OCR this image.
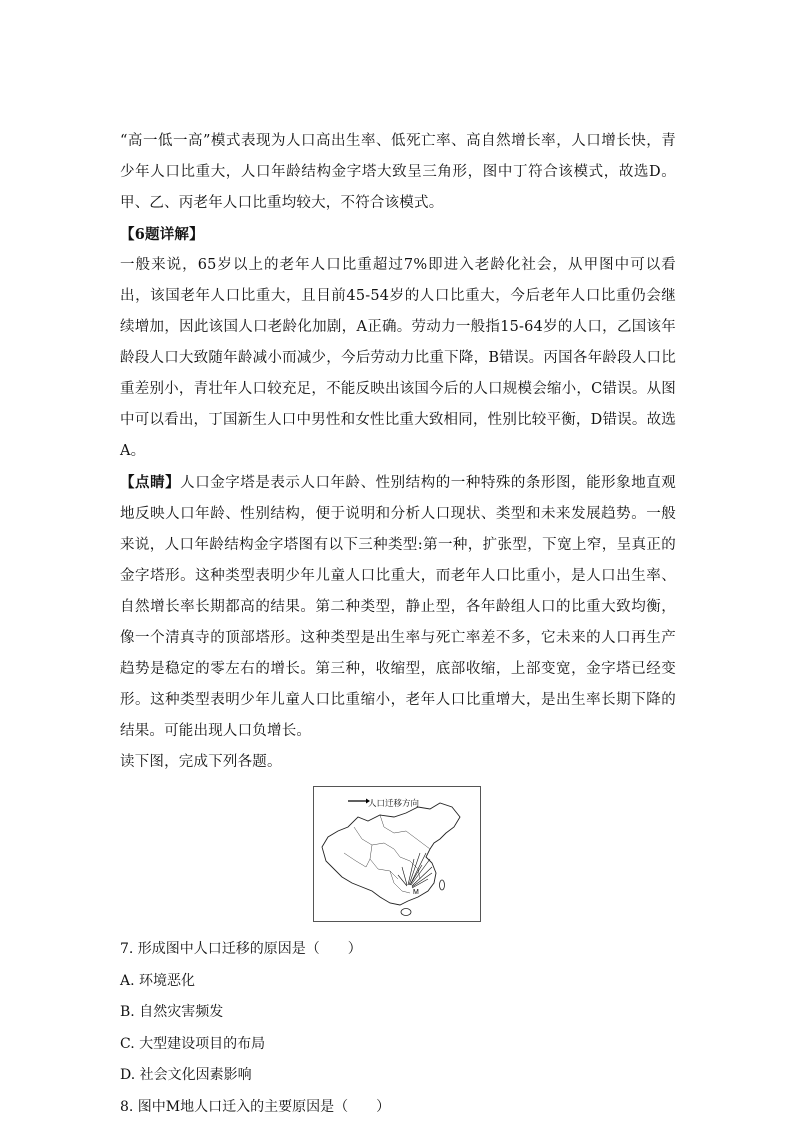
“高一低一高”模式表现为人口高出生率、低死亡率、高自然增长率，人口增长快，青少年人口比重大，人口年龄结构金字塔大致呈三角形，图中丁符合该模式，故选D。甲、乙、丙老年人口比重均较大，不符合该模式。

【6题详解】

一般来说，65岁以上的老年人口比重超过7%即进入老龄化社会，从甲图中可以看出，该国老年人口比重大，且目前45-54岁的人口比重大，今后老年人口比重仍会继续增加，因此该国人口老龄化加剧，A正确。劳动力一般指15-64岁的人口，乙国该年龄段人口大致随年龄减小而减少，今后劳动力比重下降，B错误。丙国各年龄段人口比重差别小，青壮年人口较充足，不能反映出该国今后的人口规模会缩小，C错误。从图中可以看出，丁国新生人口中男性和女性比重大致相同，性别比较平衡，D错误。故选A。

【点睛】人口金字塔是表示人口年龄、性别结构的一种特殊的条形图，能形象地直观地反映人口年龄、性别结构，便于说明和分析人口现状、类型和未来发展趋势。一般来说，人口年龄结构金字塔图有以下三种类型:第一种，扩张型，下宽上窄，呈真正的金字塔形。这种类型表明少年儿童人口比重大，而老年人口比重小，是人口出生率、自然增长率长期都高的结果。第二种类型，静止型，各年龄组人口的比重大致均衡，像一个清真寺的顶部塔形。这种类型是出生率与死亡率差不多，它未来的人口再生产趋势是稳定的零左右的增长。第三种，收缩型，底部收缩，上部变宽，金字塔已经变形。这种类型表明少年儿童人口比重缩小，老年人口比重增大，是出生率长期下降的结果。可能出现人口负增长。

读下图，完成下列各题。

M
人口迁移方向

7. 形成图中人口迁移的原因是（　　）

A. 环境恶化

B. 自然灾害频发

C. 大型建设项目的布局

D. 社会文化因素影响

8. 图中M地人口迁入的主要原因是（　　）
